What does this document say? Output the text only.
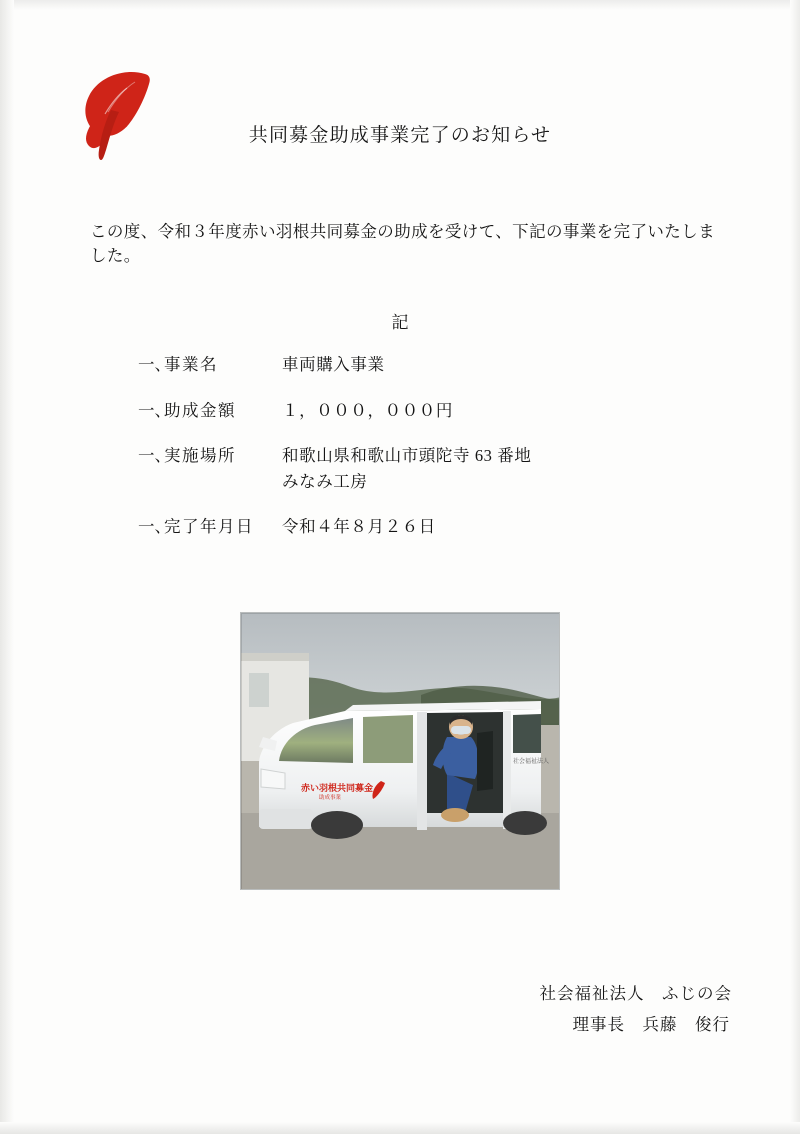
共同募金助成事業完了のお知らせ
この度、令和３年度赤い羽根共同募金の助成を受けて、下記の事業を完了いたしました。
記
一、
事業名	車両購入事業
一、
助成金額	１，０００，０００円
一、
実施場所	和歌山県和歌山市頭陀寺 63 番地
みなみ工房
一、
完了年月日	令和４年８月２６日
赤い羽根共同募金
助成事業
社会福祉法人
社会福祉法人　ふじの会
理事長　兵藤　俊行
